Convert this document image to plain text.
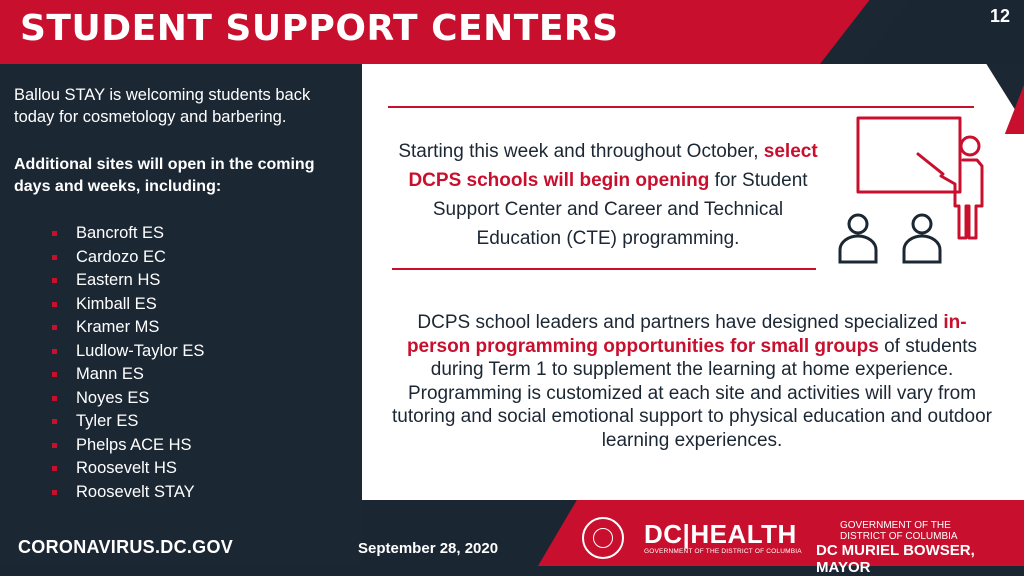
STUDENT SUPPORT CENTERS	12

Ballou STAY is welcoming students back today for cosmetology and barbering.

Additional sites will open in the coming days and weeks, including:

Bancroft ES
Cardozo EC
Eastern HS
Kimball ES
Kramer MS
Ludlow-Taylor ES
Mann ES
Noyes ES
Tyler ES
Phelps ACE HS
Roosevelt HS
Roosevelt STAY

Starting this week and throughout October, select DCPS schools will begin opening for Student Support Center and Career and Technical Education (CTE) programming.

DCPS school leaders and partners have designed specialized in-person programming opportunities for small groups of students during Term 1 to supplement the learning at home experience. Programming is customized at each site and activities will vary from tutoring and social emotional support to physical education and outdoor learning experiences.

CORONAVIRUS.DC.GOV	September 28, 2020	DC|HEALTH
GOVERNMENT OF THE DISTRICT OF COLUMBIA
GOVERNMENT OF THE
DISTRICT OF COLUMBIA
DC MURIEL BOWSER, MAYOR
